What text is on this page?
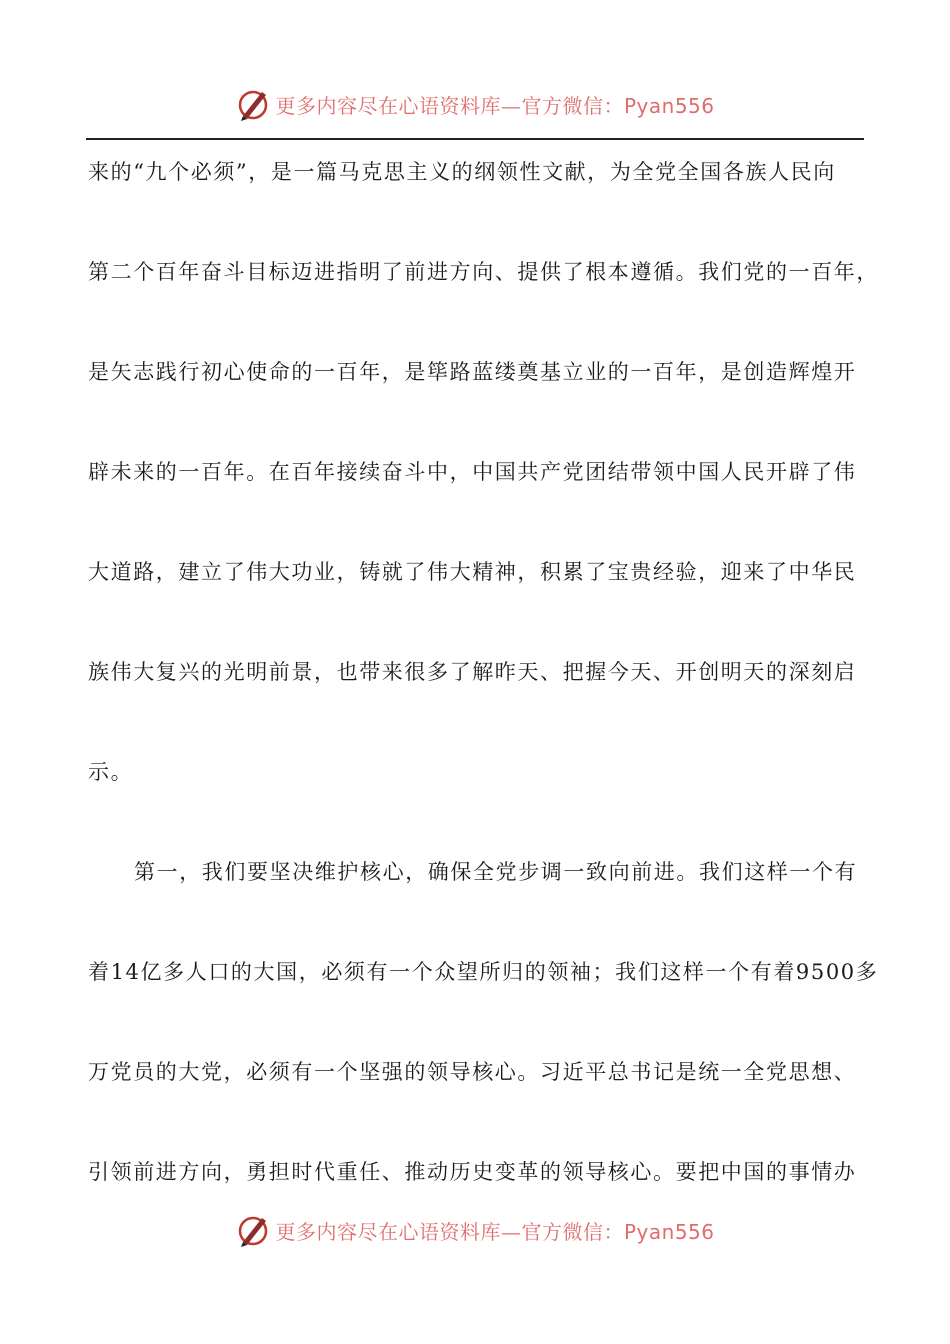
更多内容尽在心语资料库—官方微信：Pyan556
来的“九个必须”，是一篇马克思主义的纲领性文献，为全党全国各族人民向
第二个百年奋斗目标迈进指明了前进方向、提供了根本遵循。我们党的一百年，
是矢志践行初心使命的一百年，是筚路蓝缕奠基立业的一百年，是创造辉煌开
辟未来的一百年。在百年接续奋斗中，中国共产党团结带领中国人民开辟了伟
大道路，建立了伟大功业，铸就了伟大精神，积累了宝贵经验，迎来了中华民
族伟大复兴的光明前景，也带来很多了解昨天、把握今天、开创明天的深刻启
示。
第一，我们要坚决维护核心，确保全党步调一致向前进。我们这样一个有
着14亿多人口的大国，必须有一个众望所归的领袖；我们这样一个有着9500多
万党员的大党，必须有一个坚强的领导核心。习近平总书记是统一全党思想、
引领前进方向，勇担时代重任、推动历史变革的领导核心。要把中国的事情办
更多内容尽在心语资料库—官方微信：Pyan556
